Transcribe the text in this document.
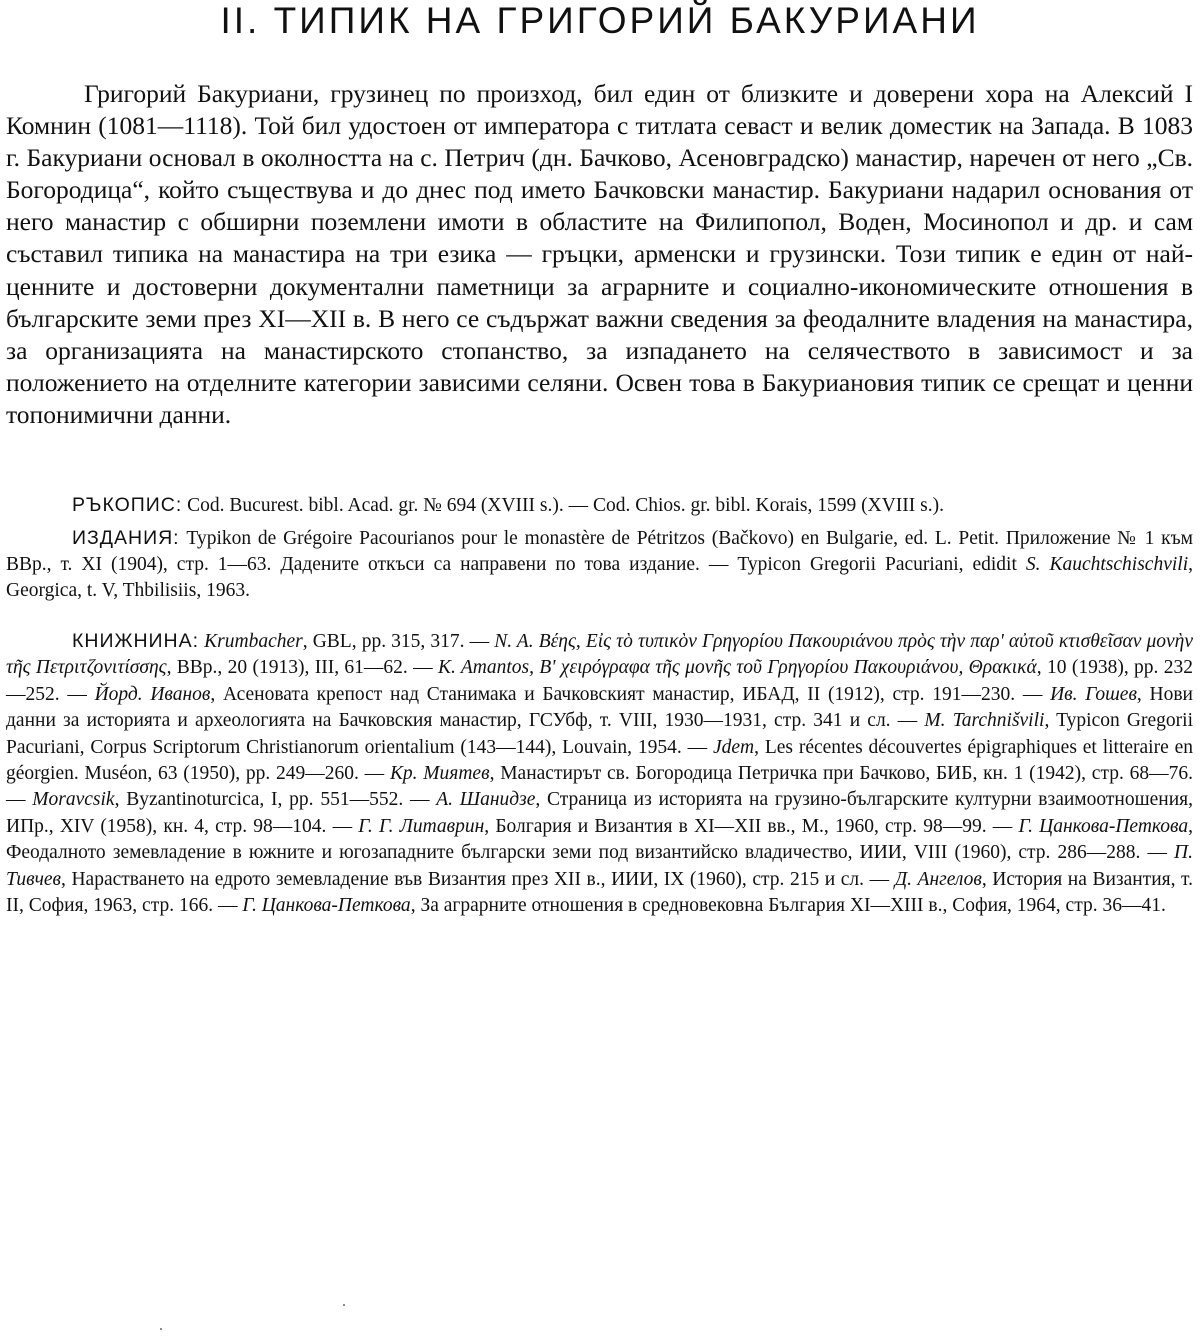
II. ТИПИК НА ГРИГОРИЙ БАКУРИАНИ

Григорий Бакуриани, грузинец по произход, бил един от близките и доверени хора на Алексий I Комнин (1081—1118). Той бил удостоен от императора с титлата севаст и велик доместик на Запада. В 1083 г. Бакуриани основал в околността на с. Петрич (дн. Бачково, Асеновградско) манастир, наречен от него „Св. Богородица“, който съществува и до днес под името Бачковски манастир. Бакуриани надарил основания от него манастир с обширни поземлени имоти в областите на Филипопол, Воден, Мосинопол и др. и сам съставил типика на манастира на три езика — гръцки, арменски и грузински. Този типик е един от най-ценните и достоверни документални паметници за аграрните и социално-икономическите отношения в българските земи през XI—XII в. В него се съдържат важни сведения за феодалните владения на манастира, за организацията на манастирското стопанство, за изпадането на селячеството в зависимост и за положението на отделните категории зависими селяни. Освен това в Бакуриановия типик се срещат и ценни топонимични данни.

РЪКОПИС: Cod. Bucurest. bibl. Acad. gr. № 694 (XVIII s.). — Cod. Chios. gr. bibl. Korais, 1599 (XVIII s.).

ИЗДАНИЯ: Typikon de Grégoire Pacourianos pour le monastère de Pétritzos (Bačkovo) en Bulgarie, ed. L. Petit. Приложение № 1 към ВВр., т. XI (1904), стр. 1—63. Дадените откъси са направени по това издание. — Typicon Gregorii Pacuriani, edidit S. Kauchtschischvili, Georgica, t. V, Thbilisiis, 1963.

КНИЖНИНА: Krumbacher, GBL, pp. 315, 317. — N. A. Βέης, Εἰς τὸ τυπικὸν Γρηγορίου Πακουριάνου πρὸς τὴν παρ' αὐτοῦ κτισθεῖσαν μονὴν τῆς Πετριτζονιτίσσης, BBp., 20 (1913), III, 61—62. — K. Amantos, Β' χειρόγραφα τῆς μονῆς τοῦ Γρηγορίου Πακουριάνου, Θρακικά, 10 (1938), pp. 232—252. — Йорд. Иванов, Асеновата крепост над Станимака и Бачковският манастир, ИБАД, II (1912), стр. 191—230. — Ив. Гошев, Нови данни за историята и археологията на Бачковския манастир, ГСУбф, т. VIII, 1930—1931, стр. 341 и сл. — M. Tarchnišvili, Typicon Gregorii Pacuriani, Corpus Scriptorum Christianorum orientalium (143—144), Louvain, 1954. — Jdem, Les récentes découvertes épigraphiques et litteraire en géorgien. Muséon, 63 (1950), pp. 249—260. — Кр. Миятев, Манастирът св. Богородица Петричка при Бачково, БИБ, кн. 1 (1942), стр. 68—76. — Moravcsik, Byzantinoturcica, I, pp. 551—552. — А. Шанидзе, Страница из историята на грузино-българските културни взаимоотношения, ИПр., XIV (1958), кн. 4, стр. 98—104. — Г. Г. Литаврин, Болгария и Византия в XI—XII вв., М., 1960, стр. 98—99. — Г. Цанкова-Петкова, Феодалното земевладение в южните и югозападните български земи под византийско владичество, ИИИ, VIII (1960), стр. 286—288. — П. Тивчев, Нарастването на едрото земевладение във Византия през XII в., ИИИ, IX (1960), стр. 215 и сл. — Д. Ангелов, История на Византия, т. II, София, 1963, стр. 166. — Г. Цанкова-Петкова, За аграрните отношения в средновековна България XI—XIII в., София, 1964, стр. 36—41.
